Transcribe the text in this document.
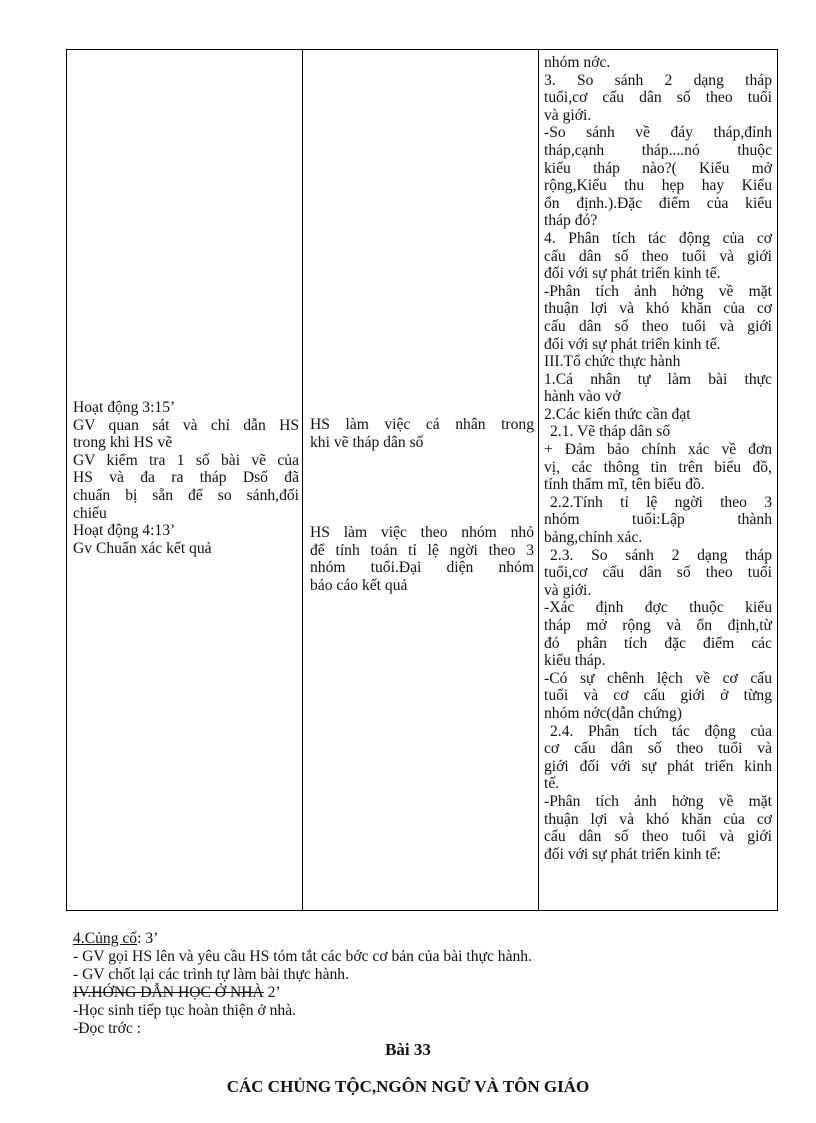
Hoạt động 3:15’
GV quan sát và chỉ dẫn HS
trong khi HS vẽ
GV kiểm tra 1 số bài vẽ của
HS và đa ra tháp Dsố đã
chuẩn bị sẵn để so sánh,đối
chiếu
Hoạt động 4:13’
Gv Chuẩn xác kết quả
HS làm việc cá nhân trong
khi vẽ tháp dân số
HS làm việc theo nhóm nhỏ
để tính toán tỉ lệ ngời theo 3
nhóm tuổi.Đại diện nhóm
báo cáo kết quả
nhóm nớc.
3. So sánh 2 dạng tháp
tuổi,cơ cấu dân số theo tuổi
và giới.
-So sánh về đáy tháp,đỉnh
tháp,cạnh tháp....nó thuộc
kiểu tháp nào?( Kiểu mở
rộng,Kiểu thu hẹp hay Kiểu
ổn định.).Đặc điểm của kiểu
tháp đó?
4. Phân tích tác động của cơ
cấu dân số theo tuổi và giới
đối với sự phát triển kinh tế.
-Phân tích ảnh hởng về mặt
thuận lợi và khó khăn của cơ
cấu dân số theo tuổi và giới
đối với sự phát triển kinh tế.
III.Tổ chức thực hành
1.Cá nhân tự làm bài thực
hành vào vở
2.Các kiến thức cần đạt
2.1. Vẽ tháp dân số
+ Đảm bảo chính xác về đơn
vị, các thông tin trên biểu đồ,
tính thẩm mĩ, tên biểu đồ.
2.2.Tính tỉ lệ ngời theo 3
nhóm tuổi:Lập thành
bảng,chính xác.
2.3. So sánh 2 dạng tháp
tuổi,cơ cấu dân số theo tuổi
và giới.
-Xác định đợc thuộc kiểu
tháp mở rộng và ổn định,từ
đó phân tích đặc điểm các
kiểu tháp.
-Có sự chênh lệch về cơ cấu
tuổi và cơ cấu giới ở từng
nhóm nớc(dẫn chứng)
2.4. Phân tích tác động của
cơ cấu dân số theo tuổi và
giới đối với sự phát triển kinh
tế.
-Phân tích ảnh hởng về mặt
thuận lợi và khó khăn của cơ
cấu dân số theo tuổi và giới
đối với sự phát triển kinh tế:
4.Củng cố: 3’
- GV gọi HS lên và yêu cầu HS tóm tắt các bớc cơ bản của bài thực hành.
- GV chốt lại các trình tự làm bài thực hành.
IV.HỚNG DẪN HỌC Ở NHÀ 2’
-Học sinh tiếp tục hoàn thiện ở nhà.
-Đọc trớc :
Bài 33
CÁC CHỦNG TỘC,NGÔN NGỮ VÀ TÔN GIÁO
